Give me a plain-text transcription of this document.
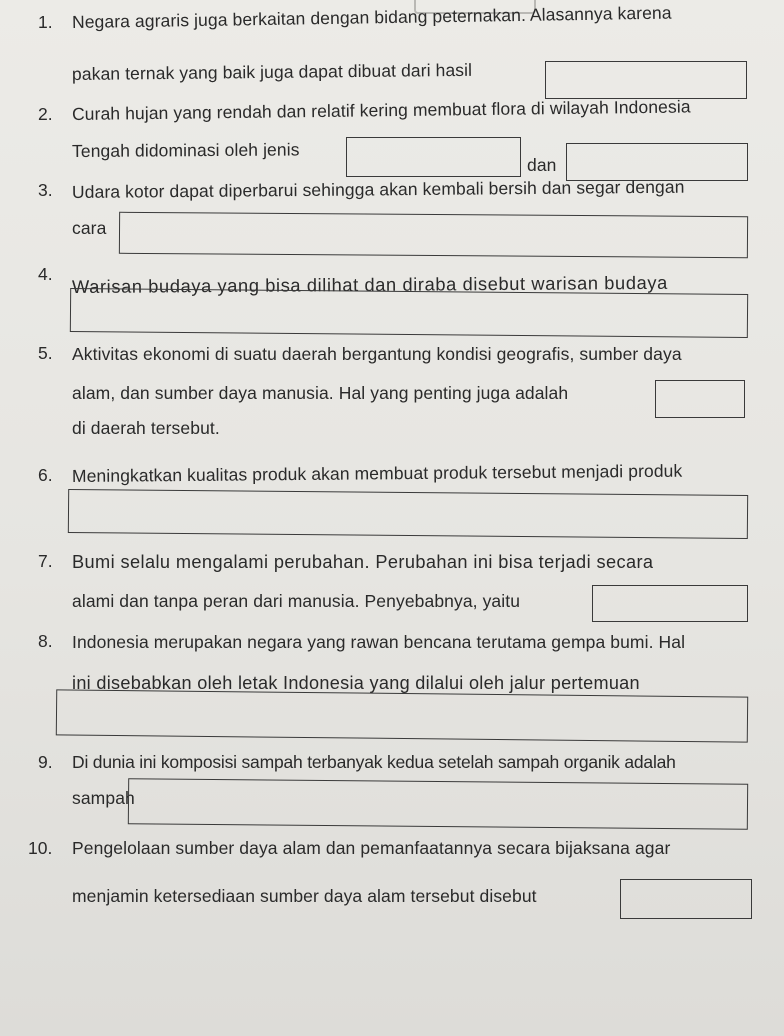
1. Negara agraris juga berkaitan dengan bidang peternakan. Alasannya karena
pakan ternak yang baik juga dapat dibuat dari hasil
2. Curah hujan yang rendah dan relatif kering membuat flora di wilayah Indonesia
Tengah didominasi oleh jenis
dan
3. Udara kotor dapat diperbarui sehingga akan kembali bersih dan segar dengan
cara
4. Warisan budaya yang bisa dilihat dan diraba disebut warisan budaya
5. Aktivitas ekonomi di suatu daerah bergantung kondisi geografis, sumber daya
alam, dan sumber daya manusia. Hal yang penting juga adalah
di daerah tersebut.
6. Meningkatkan kualitas produk akan membuat produk tersebut menjadi produk
7. Bumi selalu mengalami perubahan. Perubahan ini bisa terjadi secara
alami dan tanpa peran dari manusia. Penyebabnya, yaitu
8. Indonesia merupakan negara yang rawan bencana terutama gempa bumi. Hal
ini disebabkan oleh letak Indonesia yang dilalui oleh jalur pertemuan
9. Di dunia ini komposisi sampah terbanyak kedua setelah sampah organik adalah
sampah
10. Pengelolaan sumber daya alam dan pemanfaatannya secara bijaksana agar
menjamin ketersediaan sumber daya alam tersebut disebut
